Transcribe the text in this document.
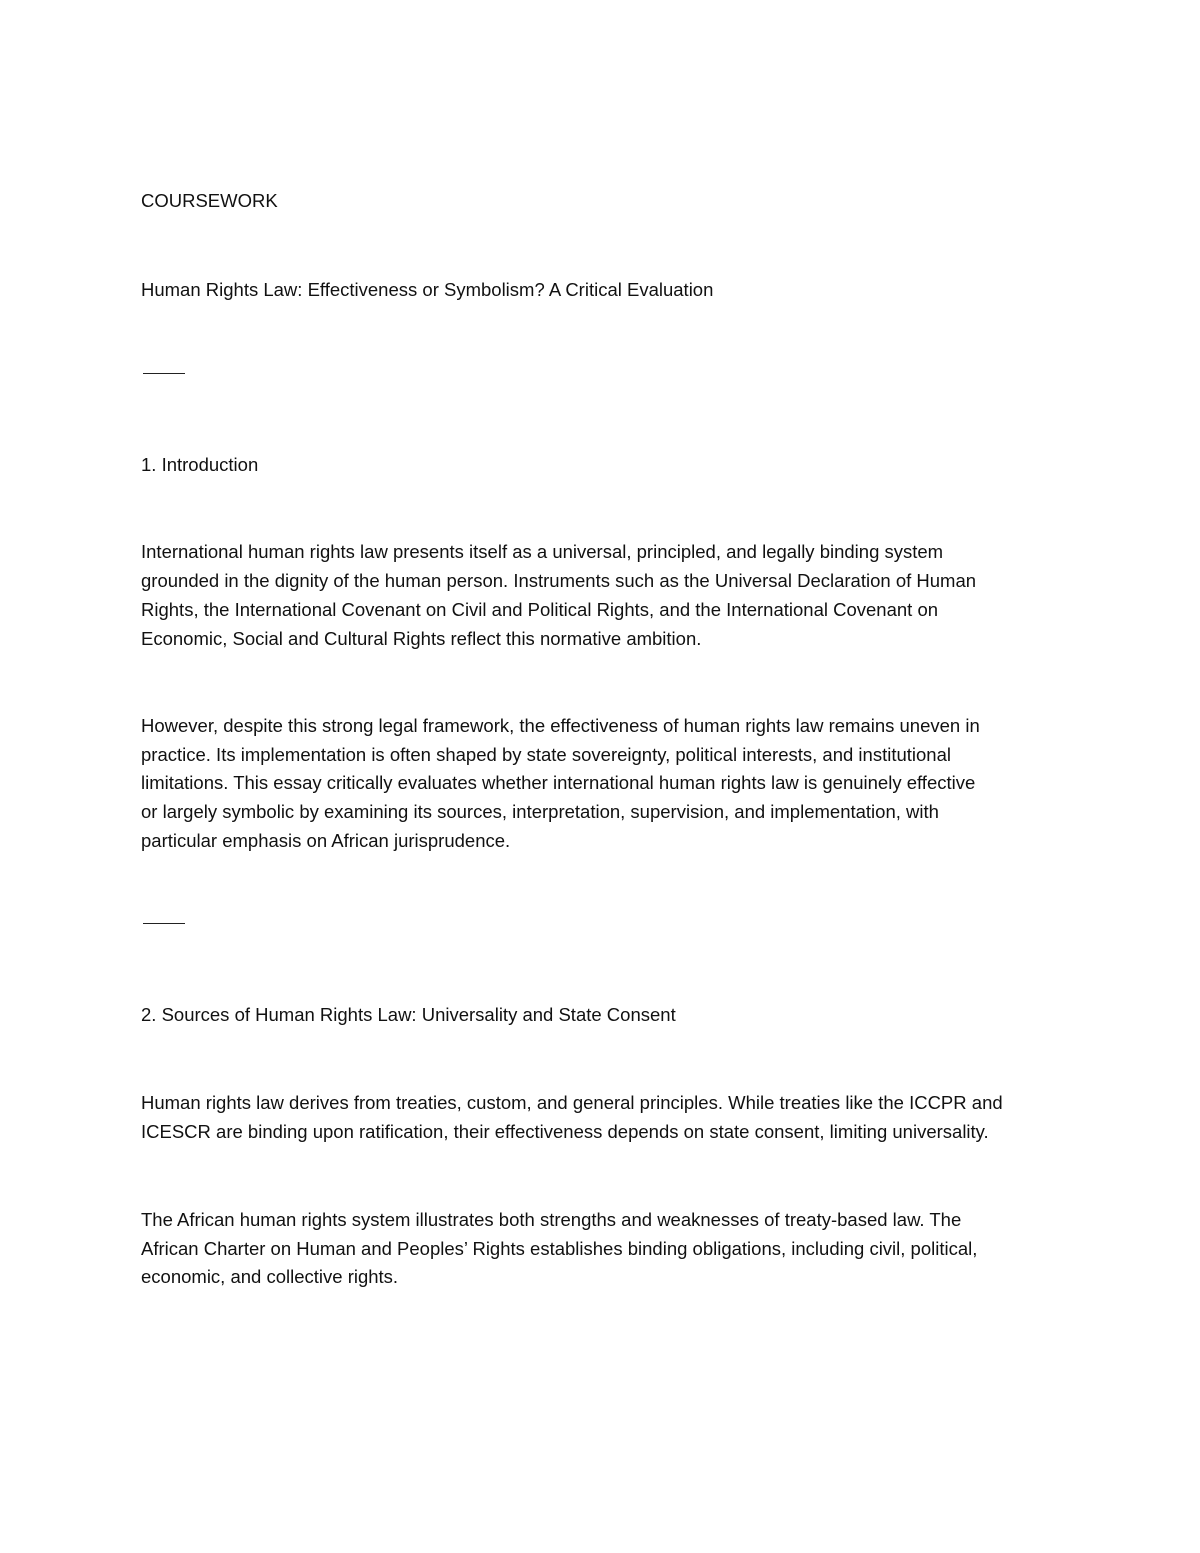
COURSEWORK
Human Rights Law: Effectiveness or Symbolism? A Critical Evaluation
1. Introduction
International human rights law presents itself as a universal, principled, and legally binding system
grounded in the dignity of the human person. Instruments such as the Universal Declaration of Human
Rights, the International Covenant on Civil and Political Rights, and the International Covenant on
Economic, Social and Cultural Rights reflect this normative ambition.
However, despite this strong legal framework, the effectiveness of human rights law remains uneven in
practice. Its implementation is often shaped by state sovereignty, political interests, and institutional
limitations. This essay critically evaluates whether international human rights law is genuinely effective
or largely symbolic by examining its sources, interpretation, supervision, and implementation, with
particular emphasis on African jurisprudence.
2. Sources of Human Rights Law: Universality and State Consent
Human rights law derives from treaties, custom, and general principles. While treaties like the ICCPR and
ICESCR are binding upon ratification, their effectiveness depends on state consent, limiting universality.
The African human rights system illustrates both strengths and weaknesses of treaty-based law. The
African Charter on Human and Peoples’ Rights establishes binding obligations, including civil, political,
economic, and collective rights.
